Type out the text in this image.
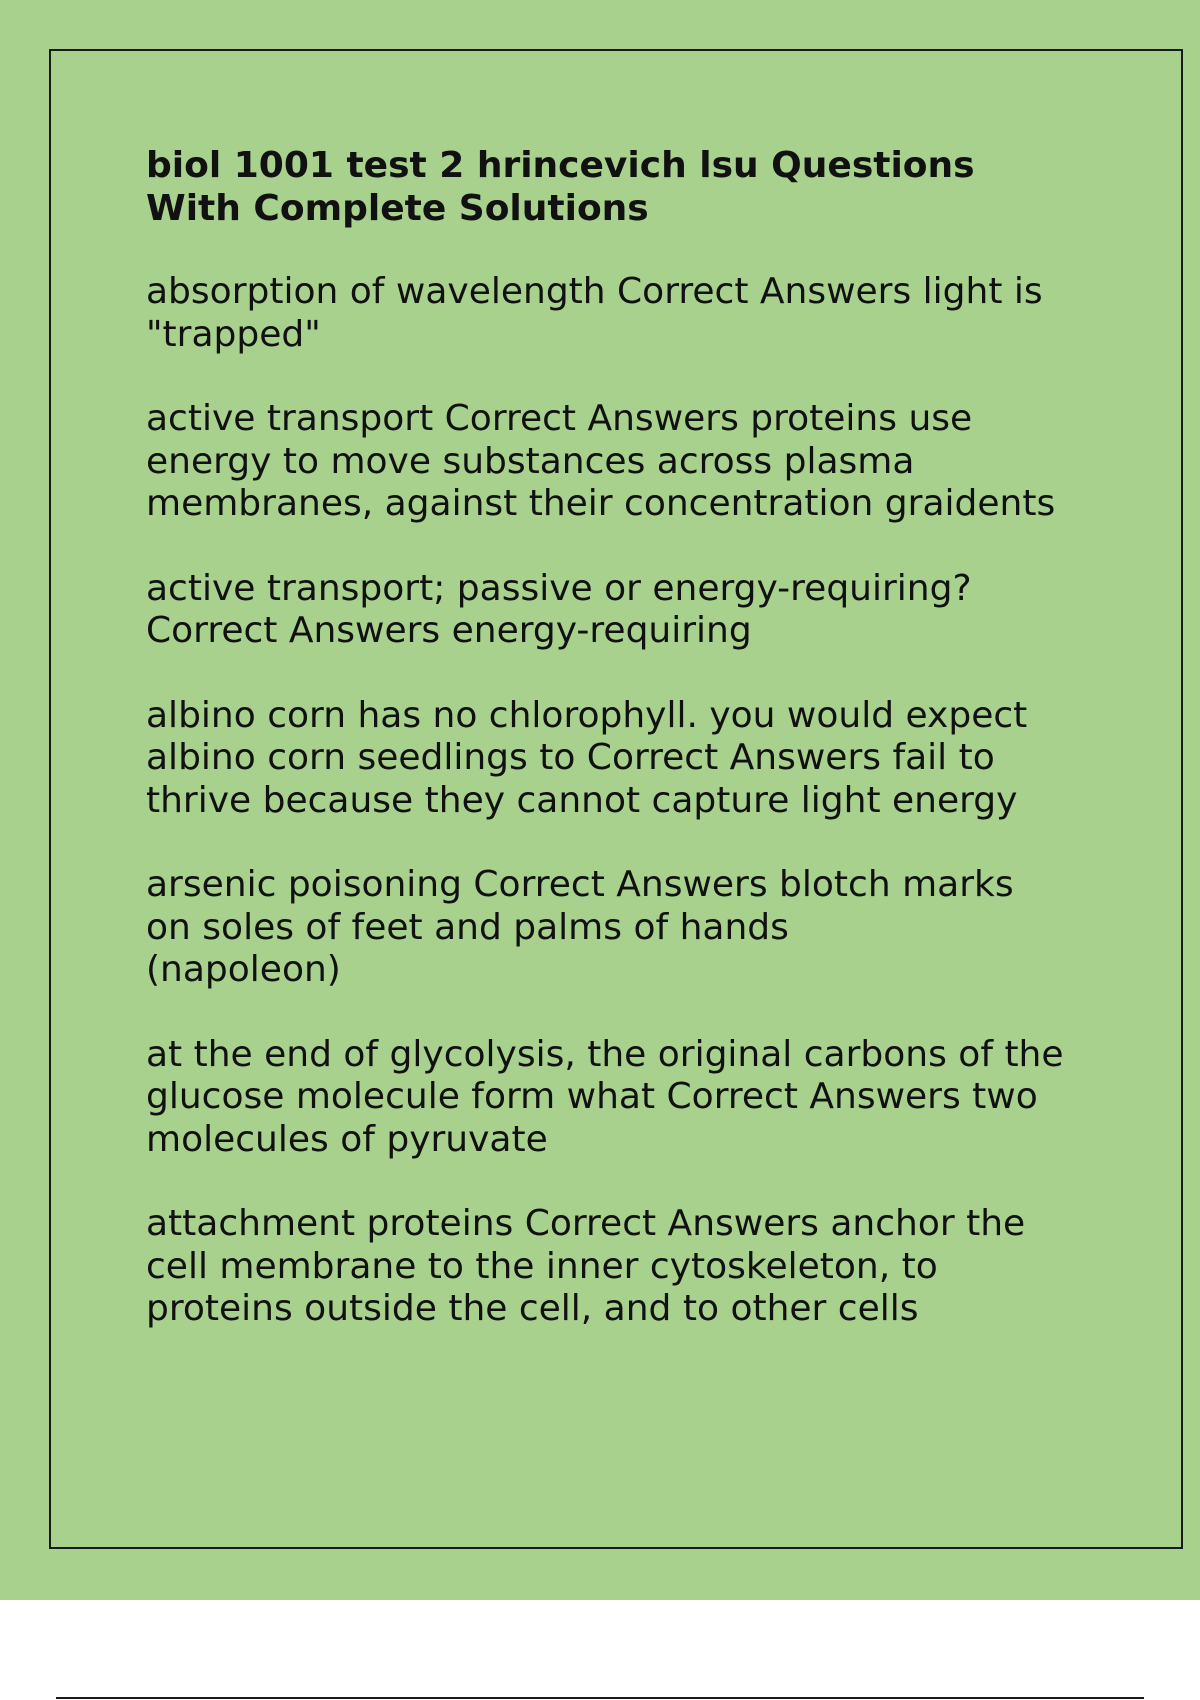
biol 1001 test 2 hrincevich lsu Questions
With Complete Solutions
absorption of wavelength Correct Answers light is
"trapped"
active transport Correct Answers proteins use
energy to move substances across plasma
membranes, against their concentration graidents
active transport; passive or energy-requiring?
Correct Answers energy-requiring
albino corn has no chlorophyll. you would expect
albino corn seedlings to Correct Answers fail to
thrive because they cannot capture light energy
arsenic poisoning Correct Answers blotch marks
on soles of feet and palms of hands
(napoleon)
at the end of glycolysis, the original carbons of the
glucose molecule form what Correct Answers two
molecules of pyruvate
attachment proteins Correct Answers anchor the
cell membrane to the inner cytoskeleton, to
proteins outside the cell, and to other cells
